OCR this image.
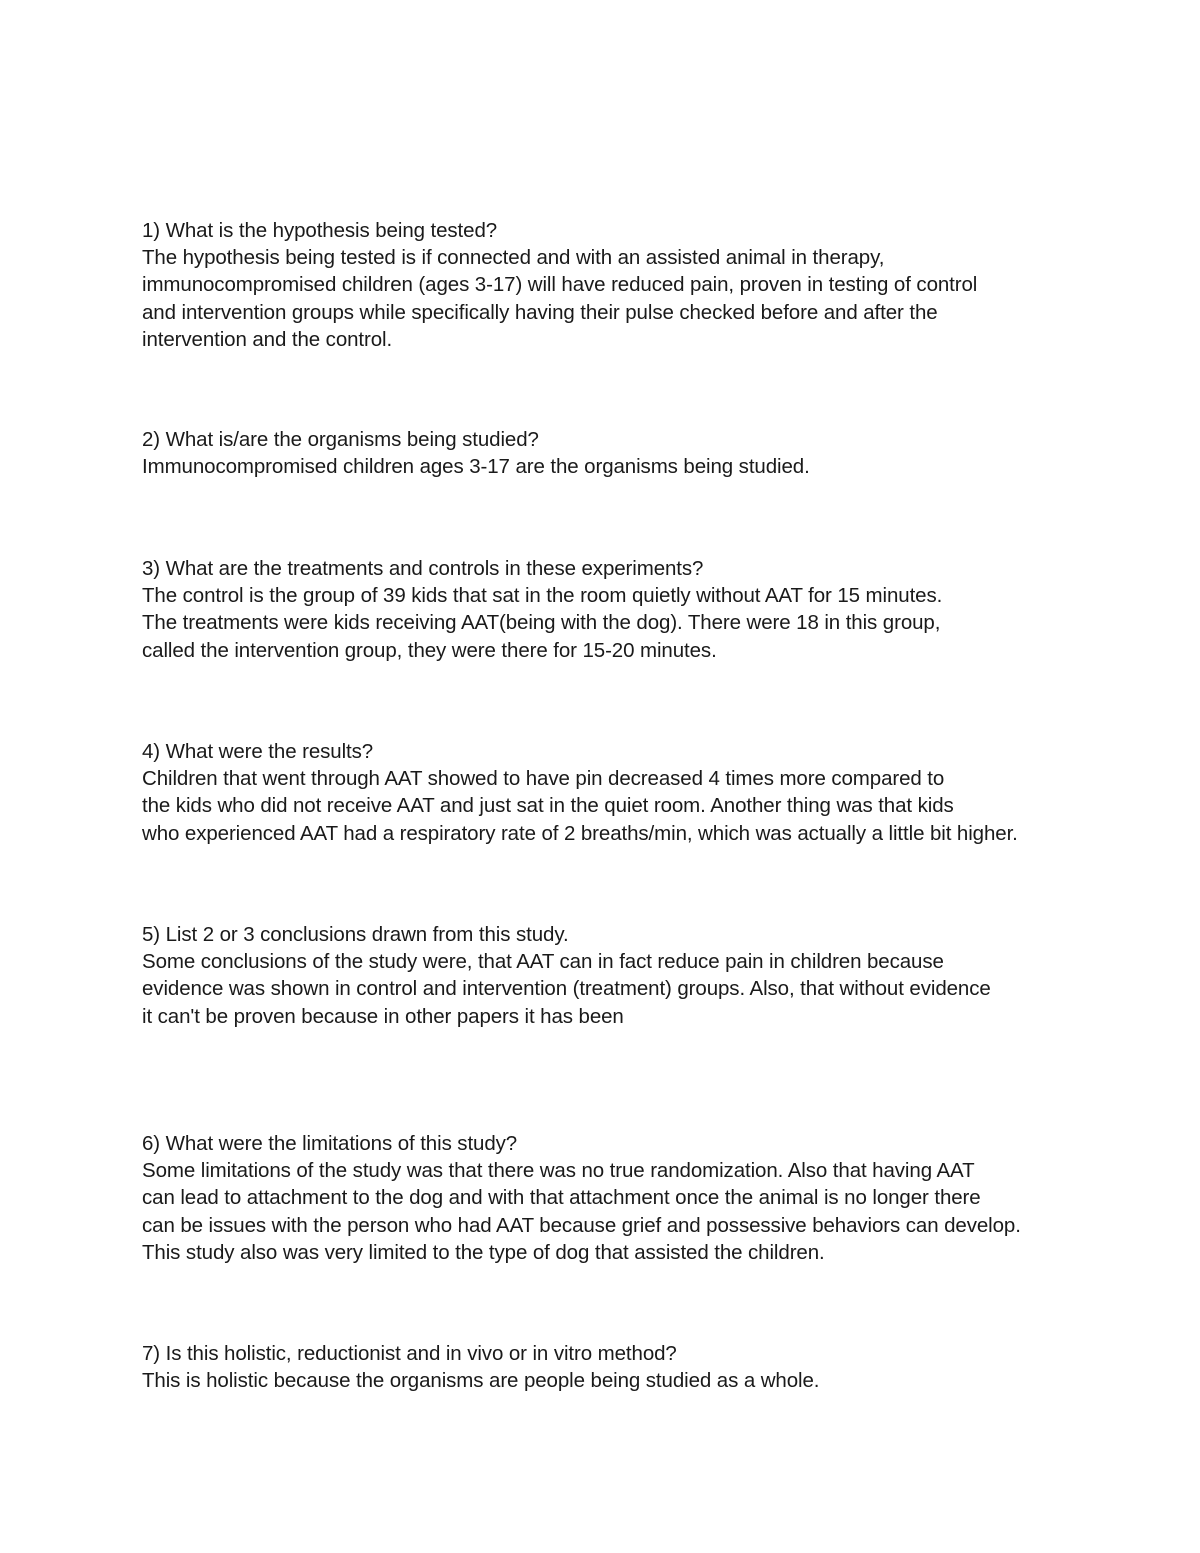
1) What is the hypothesis being tested?
The hypothesis being tested is if connected and with an assisted animal in therapy,
immunocompromised children (ages 3-17) will have reduced pain, proven in testing of control
and intervention groups while specifically having their pulse checked before and after the
intervention and the control.
2) What is/are the organisms being studied?
Immunocompromised children ages 3-17 are the organisms being studied.
3) What are the treatments and controls in these experiments?
The control is the group of 39 kids that sat in the room quietly without AAT for 15 minutes.
The treatments were kids receiving AAT(being with the dog). There were 18 in this group,
called the intervention group, they were there for 15-20 minutes.
4) What were the results?
Children that went through AAT showed to have pin decreased 4 times more compared to
the kids who did not receive AAT and just sat in the quiet room. Another thing was that kids
who experienced AAT had a respiratory rate of 2 breaths/min, which was actually a little bit higher.
5) List 2 or 3 conclusions drawn from this study.
Some conclusions of the study were, that AAT can in fact reduce pain in children because
evidence was shown in control and intervention (treatment) groups. Also, that without evidence
it can't be proven because in other papers it has been
6) What were the limitations of this study?
Some limitations of the study was that there was no true randomization. Also that having AAT
can lead to attachment to the dog and with that attachment once the animal is no longer there
can be issues with the person who had AAT because grief and possessive behaviors can develop.
This study also was very limited to the type of dog that assisted the children.
7) Is this holistic, reductionist and in vivo or in vitro method?
This is holistic because the organisms are people being studied as a whole.
